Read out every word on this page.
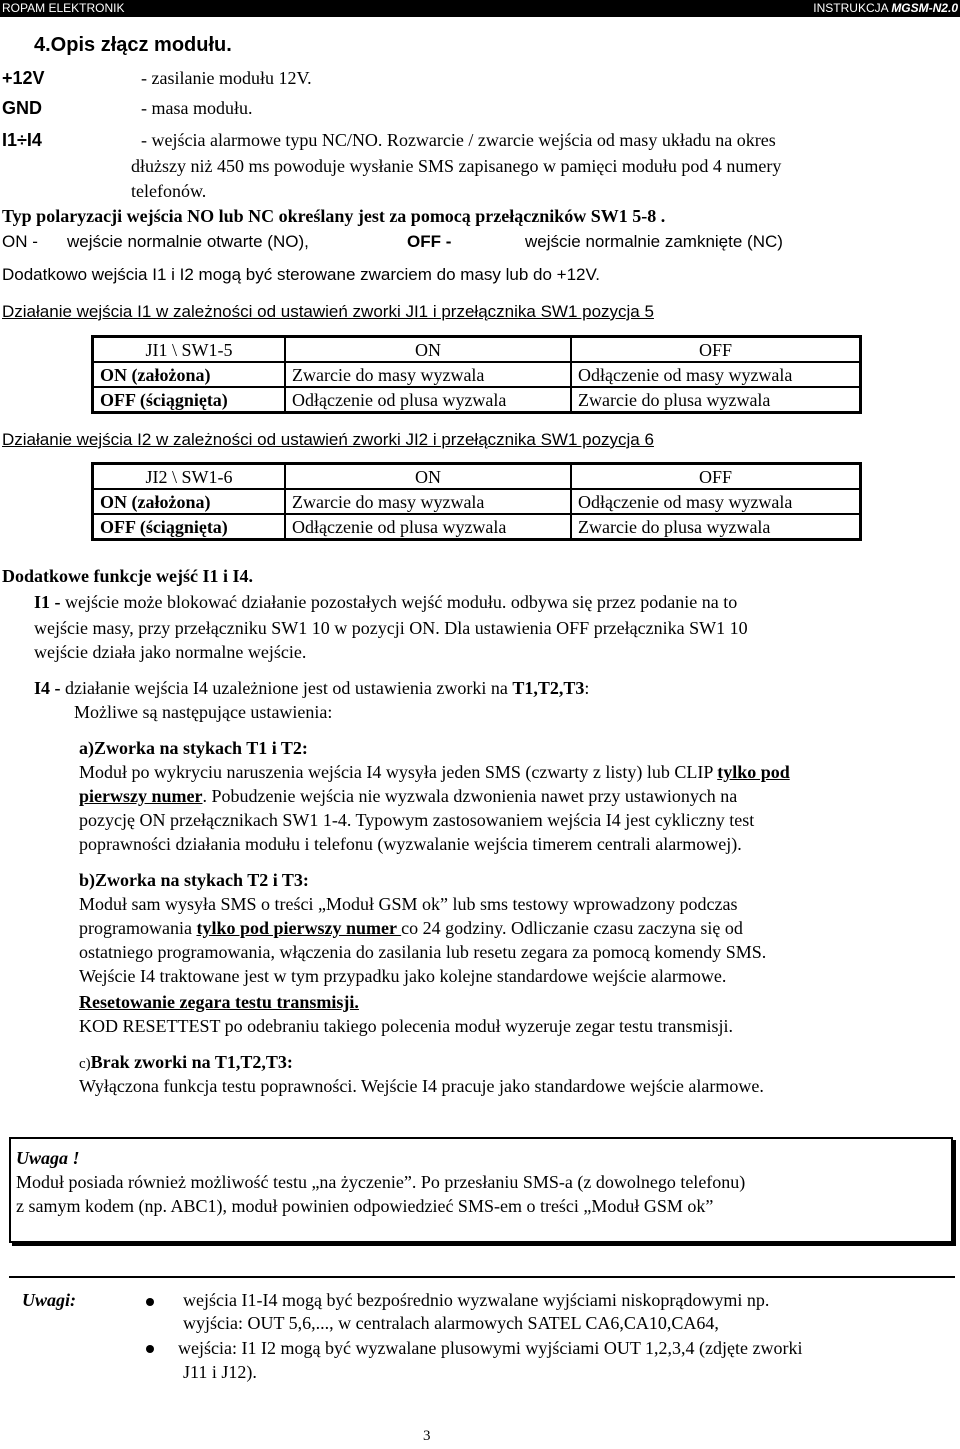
ROPAM ELEKTRONIK	INSTRUKCJA MGSM-N2.0
4.Opis złącz modułu.
+12V	- zasilanie modułu 12V.
GND	- masa modułu.
I1÷I4	- wejścia alarmowe typu NC/NO. Rozwarcie / zwarcie wejścia od masy układu na okres
dłuższy niż 450 ms powoduje wysłanie SMS zapisanego w pamięci modułu pod 4 numery
telefonów.
Typ polaryzacji wejścia NO lub NC określany jest za pomocą przełączników SW1 5-8 .
ON - wejście normalnie otwarte (NO),	OFF -	wejście normalnie zamknięte (NC)
Dodatkowo wejścia I1 i I2 mogą być sterowane zwarciem do masy lub do +12V.
Działanie wejścia I1 w zależności od ustawień zworki JI1 i przełącznika SW1 pozycja 5
JI1 \ SW1-5	ON	OFF
ON (założona)	Zwarcie do masy wyzwala	Odłączenie od masy wyzwala
OFF (ściągnięta)	Odłączenie od plusa wyzwala	Zwarcie do plusa wyzwala
Działanie wejścia I2 w zależności od ustawień zworki JI2 i przełącznika SW1 pozycja 6
JI2 \ SW1-6	ON	OFF
ON (założona)	Zwarcie do masy wyzwala	Odłączenie od masy wyzwala
OFF (ściągnięta)	Odłączenie od plusa wyzwala	Zwarcie do plusa wyzwala
Dodatkowe funkcje wejść I1 i I4.
I1 - wejście może blokować działanie pozostałych wejść modułu. odbywa się przez podanie na to
wejście masy, przy przełączniku SW1 10 w pozycji ON. Dla ustawienia OFF przełącznika SW1 10
wejście działa jako normalne wejście.
I4 - działanie wejścia I4 uzależnione jest od ustawienia zworki na T1,T2,T3:
Możliwe są następujące ustawienia:
a)Zworka na stykach T1 i T2:
Moduł po wykryciu naruszenia wejścia I4 wysyła jeden SMS (czwarty z listy) lub CLIP tylko pod
pierwszy numer. Pobudzenie wejścia nie wyzwala dzwonienia nawet przy ustawionych na
pozycję ON przełącznikach SW1 1-4. Typowym zastosowaniem wejścia I4 jest cykliczny test
poprawności działania modułu i telefonu (wyzwalanie wejścia timerem centrali alarmowej).
b)Zworka na stykach T2 i T3:
Moduł sam wysyła SMS o treści „Moduł GSM ok” lub sms testowy wprowadzony podczas
programowania tylko pod pierwszy numer co 24 godziny. Odliczanie czasu zaczyna się od
ostatniego programowania, włączenia do zasilania lub resetu zegara za pomocą komendy SMS.
Wejście I4 traktowane jest w tym przypadku jako kolejne standardowe wejście alarmowe.
Resetowanie zegara testu transmisji.
KOD RESETTEST po odebraniu takiego polecenia moduł wyzeruje zegar testu transmisji.
c)Brak zworki na T1,T2,T3:
Wyłączona funkcja testu poprawności. Wejście I4 pracuje jako standardowe wejście alarmowe.
Uwaga !
Moduł posiada również możliwość testu „na życzenie”. Po przesłaniu SMS-a (z dowolnego telefonu)
z samym kodem (np. ABC1), moduł powinien odpowiedzieć SMS-em o treści „Moduł GSM ok”
Uwagi:	wejścia I1-I4 mogą być bezpośrednio wyzwalane wyjściami niskoprądowymi np.
wyjścia: OUT 5,6,..., w centralach alarmowych SATEL CA6,CA10,CA64,
wejścia: I1 I2 mogą być wyzwalane plusowymi wyjściami OUT 1,2,3,4 (zdjęte zworki
J11 i J12).
3
